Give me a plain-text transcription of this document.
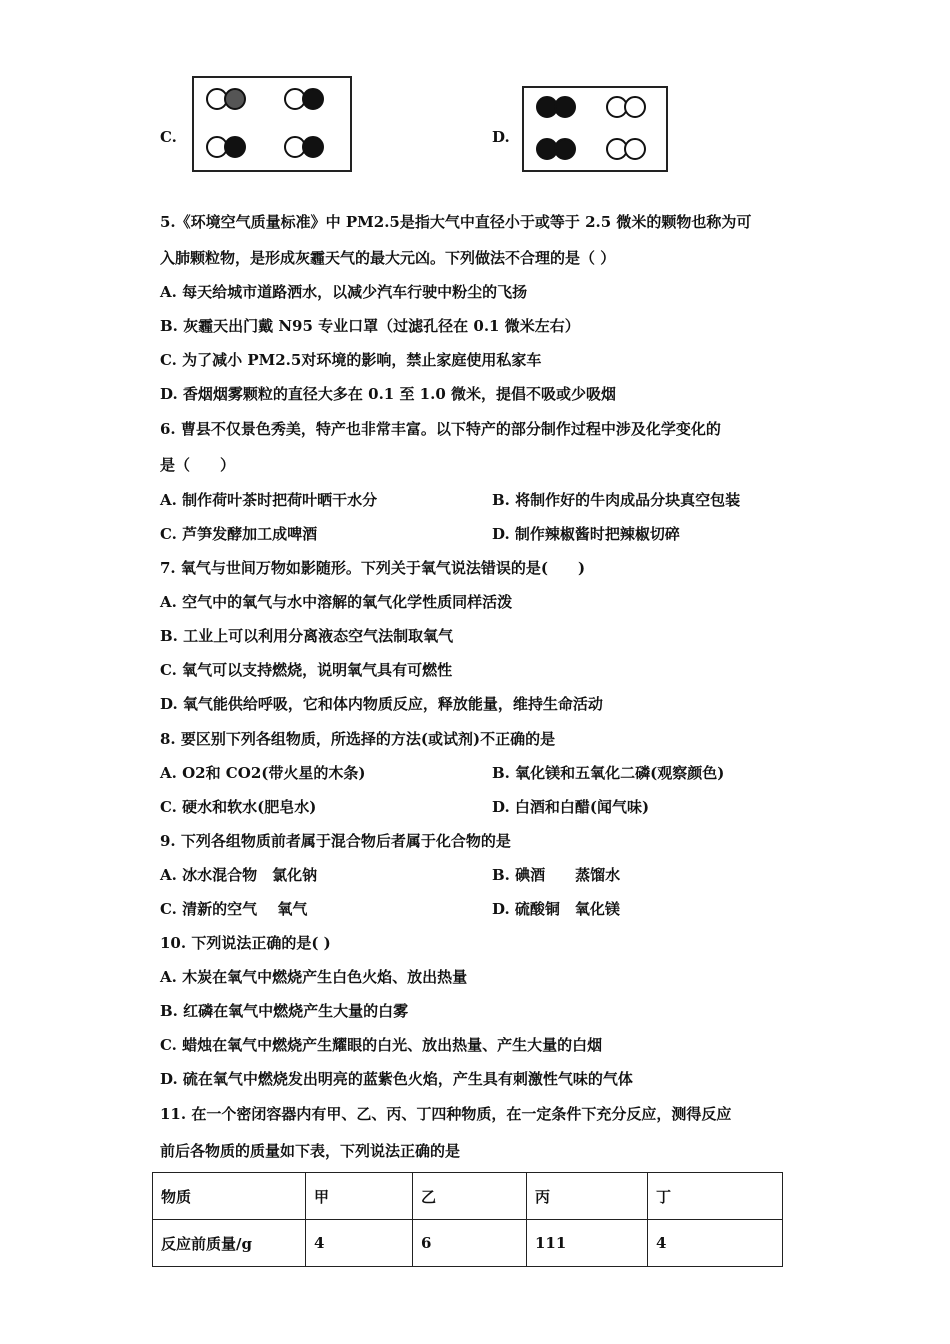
C.	D.
5.《环境空气质量标准》中 PM2.5是指大气中直径小于或等于 2.5 微米的颗物也称为可
入肺颗粒物，是形成灰霾天气的最大元凶。下列做法不合理的是（ ）
A. 每天给城市道路洒水，以减少汽车行驶中粉尘的飞扬
B. 灰霾天出门戴 N95 专业口罩（过滤孔径在 0.1 微米左右）
C. 为了减小 PM2.5对环境的影响，禁止家庭使用私家车
D. 香烟烟雾颗粒的直径大多在 0.1 至 1.0 微米，提倡不吸或少吸烟
6. 曹县不仅景色秀美，特产也非常丰富。以下特产的部分制作过程中涉及化学变化的
是（　　）
A. 制作荷叶茶时把荷叶晒干水分	B. 将制作好的牛肉成品分块真空包装
C. 芦笋发酵加工成啤酒	D. 制作辣椒酱时把辣椒切碎
7. 氧气与世间万物如影随形。下列关于氧气说法错误的是(　　)
A. 空气中的氧气与水中溶解的氧气化学性质同样活泼
B. 工业上可以利用分离液态空气法制取氧气
C. 氧气可以支持燃烧，说明氧气具有可燃性
D. 氧气能供给呼吸，它和体内物质反应，释放能量，维持生命活动
8. 要区别下列各组物质，所选择的方法(或试剂)不正确的是
A. O2和 CO2(带火星的木条)	B. 氧化镁和五氧化二磷(观察颜色)
C. 硬水和软水(肥皂水)	D. 白酒和白醋(闻气味)
9. 下列各组物质前者属于混合物后者属于化合物的是
A. 冰水混合物　氯化钠	B. 碘酒　　蒸馏水
C. 清新的空气　 氧气	D. 硫酸铜　氧化镁
10. 下列说法正确的是( )
A. 木炭在氧气中燃烧产生白色火焰、放出热量
B. 红磷在氧气中燃烧产生大量的白雾
C. 蜡烛在氧气中燃烧产生耀眼的白光、放出热量、产生大量的白烟
D. 硫在氧气中燃烧发出明亮的蓝紫色火焰，产生具有刺激性气味的气体
11. 在一个密闭容器内有甲、乙、丙、丁四种物质，在一定条件下充分反应，测得反应
前后各物质的质量如下表，下列说法正确的是
物质	甲	乙	丙	丁
反应前质量/g	4	6	111	4
